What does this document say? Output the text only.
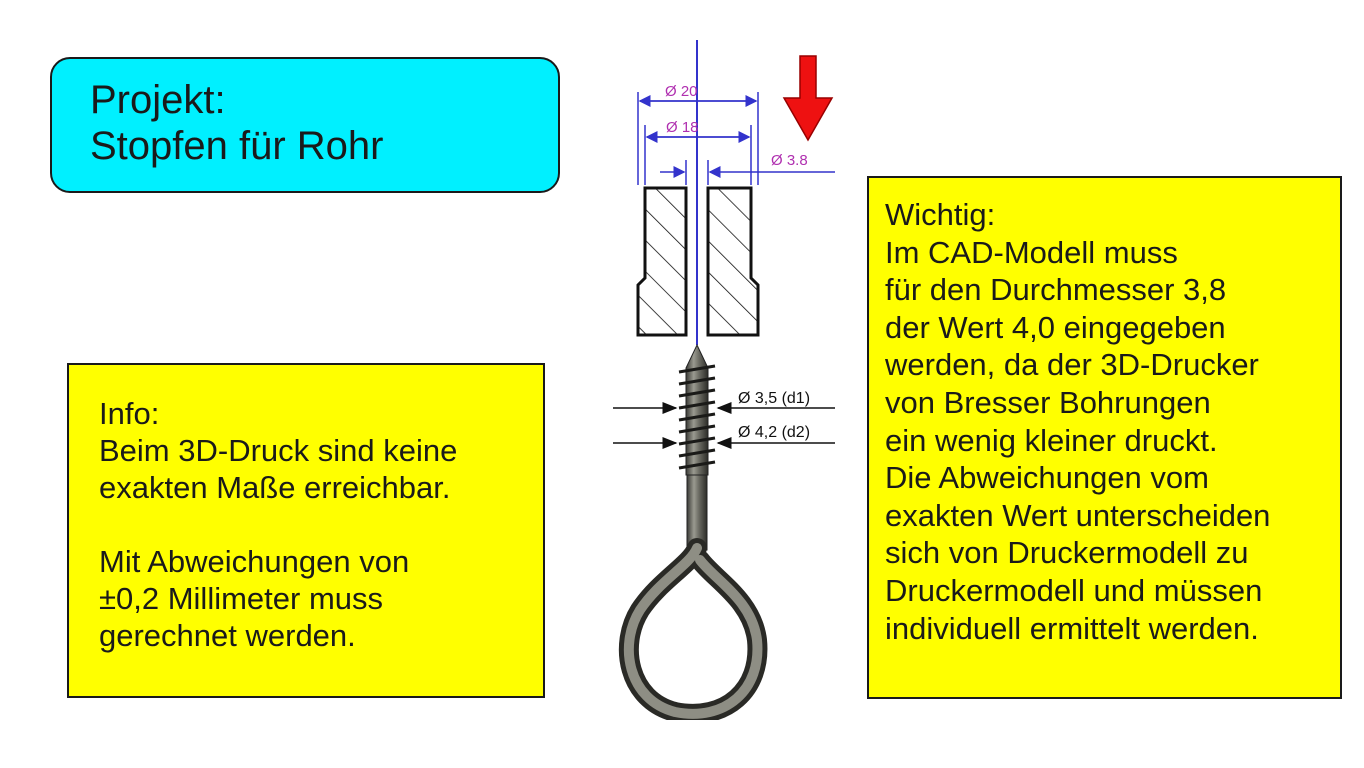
Projekt:
Stopfen für Rohr
Info:
Beim 3D-Druck sind keine
exakten Maße erreichbar.
Mit Abweichungen von
±0,2 Millimeter muss
gerechnet werden.
Wichtig:
Im CAD-Modell muss
für den Durchmesser 3,8
der Wert 4,0 eingegeben
werden, da der 3D-Drucker
von Bresser Bohrungen
ein wenig kleiner druckt.
Die Abweichungen vom
exakten Wert unterscheiden
sich von Druckermodell zu
Druckermodell und müssen
individuell ermittelt werden.
Ø 20
Ø 18
Ø 3.8
Ø 3,5 (d1)
Ø 4,2 (d2)
